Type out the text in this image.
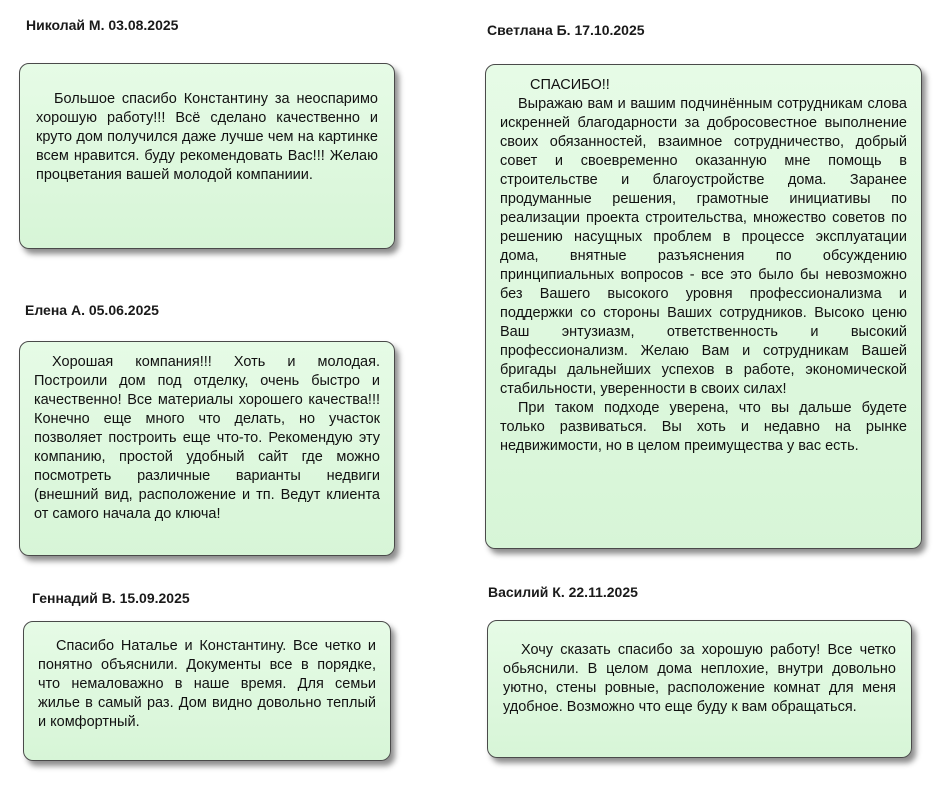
Николай М. 03.08.2025

Большое спасибо Константину за неоспаримо хорошую работу!!! Всё сделано качественно и круто дом получился даже лучше чем на картинке всем нравится. буду рекомендовать Вас!!! Желаю процветания вашей молодой компаниии.

Елена А. 05.06.2025

Хорошая компания!!! Хоть и молодая. Построили дом под отделку, очень быстро и качественно! Все материалы хорошего качества!!! Конечно еще много что делать, но участок позволяет построить еще что-то. Рекомендую эту компанию, простой удобный сайт где можно посмотреть различные варианты недвиги (внешний вид, расположение и тп. Ведут клиента от самого начала до ключа!

Геннадий В. 15.09.2025

Спасибо Наталье и Константину. Все четко и понятно объяснили. Документы все в порядке, что немаловажно в наше время. Для семьи жилье в самый раз. Дом видно довольно теплый и комфортный.

Светлана Б. 17.10.2025

СПАСИБО!!

Выражаю вам и вашим подчинённым сотрудникам слова искренней благодарности за добросовестное выполнение своих обязанностей, взаимное сотрудничество, добрый совет и своевременно оказанную мне помощь в строительстве и благоустройстве дома. Заранее продуманные решения, грамотные инициативы по реализации проекта строительства, множество советов по решению насущных проблем в процессе эксплуатации дома, внятные разъяснения по обсуждению принципиальных вопросов - все это было бы невозможно без Вашего высокого уровня профессионализма и поддержки со стороны Ваших сотрудников. Высоко ценю Ваш энтузиазм, ответственность и высокий профессионализм. Желаю Вам и сотрудникам Вашей бригады дальнейших успехов в работе, экономической стабильности, уверенности в своих силах!

При таком подходе уверена, что вы дальше будете только развиваться. Вы хоть и недавно на рынке недвижимости, но в целом преимущества у вас есть.

Василий К. 22.11.2025

Хочу сказать спасибо за хорошую работу! Все четко обьяснили. В целом дома неплохие, внутри довольно уютно, стены ровные, расположение комнат для меня удобное. Возможно что еще буду к вам обращаться.
